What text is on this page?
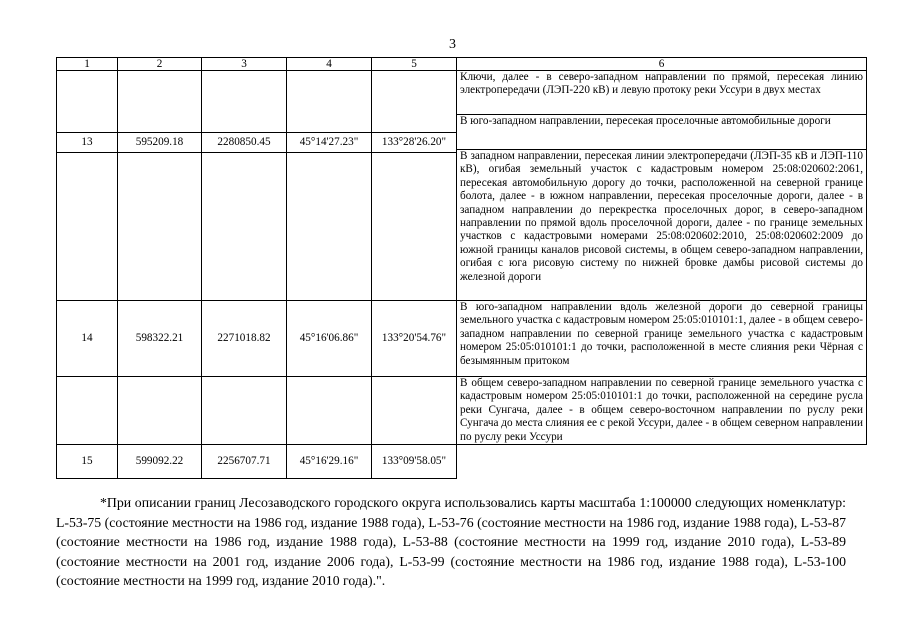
3
1	2	3	4	5	6
					Ключи, далее - в северо-западном направлении по прямой, пересекая линию электропередачи (ЛЭП-220 кВ) и левую протоку реки Уссури в двух местах
					В юго-западном направлении, пересекая проселочные автомобильные дороги
13	595209.18	2280850.45	45°14'27.23"	133°28'26.20"	
					В западном направлении, пересекая линии электропередачи (ЛЭП-35 кВ и ЛЭП-110 кВ), огибая земельный участок с кадастровым номером 25:08:020602:2061, пересекая автомобильную дорогу до точки, расположенной на северной границе болота, далее - в южном направлении, пересекая проселочные дороги, далее - в западном направлении до перекрестка проселочных дорог, в северо-западном направлении по прямой вдоль проселочной дороги, далее - по границе земельных участков с кадастровыми номерами 25:08:020602:2010, 25:08:020602:2009 до южной границы каналов рисовой системы, в общем северо-западном направлении, огибая с юга рисовую систему по нижней бровке дамбы рисовой системы до железной дороги

14	598322.21	2271018.82	45°16'06.86"	133°20'54.76"	В юго-западном направлении вдоль железной дороги до северной границы земельного участка с кадастровым номером 25:05:010101:1, далее - в общем северо-западном направлении по северной границе земельного участка с кадастровым номером 25:05:010101:1 до точки, расположенной в месте слияния реки Чёрная с безымянным притоком

					В общем северо-западном направлении по северной границе земельного участка с кадастровым номером 25:05:010101:1 до точки, расположенной на середине русла реки Сунгача, далее - в общем северо-восточном направлении по руслу реки Сунгача до места слияния ее с рекой Уссури, далее - в общем северном направлении по руслу реки Уссури

15	599092.22	2256707.71	45°16'29.16"	133°09'58.05"
*При описании границ Лесозаводского городского округа использовались карты масштаба 1:100000 следующих номенклатур: L-53-75 (состояние местности на 1986 год, издание 1988 года), L-53-76 (состояние местности на 1986 год, издание 1988 года), L-53-87 (состояние местности на 1986 год, издание 1988 года), L-53-88 (состояние местности на 1999 год, издание 2010 года), L-53-89 (состояние местности на 2001 год, издание 2006 года), L-53-99 (состояние местности на 1986 год, издание 1988 года), L-53-100 (состояние местности на 1999 год, издание 2010 года).".
